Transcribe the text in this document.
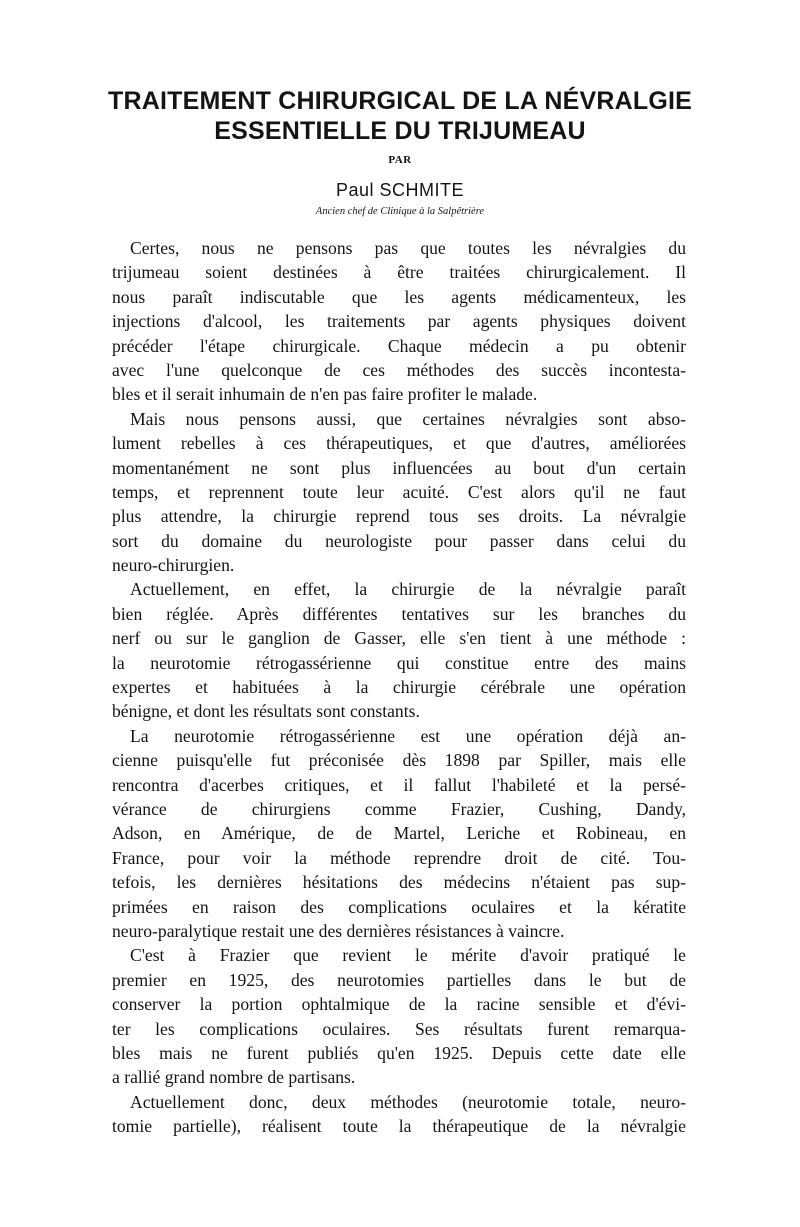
TRAITEMENT CHIRURGICAL DE LA NÉVRALGIE
ESSENTIELLE DU TRIJUMEAU
PAR
Paul SCHMITE
Ancien chef de Clinique à la Salpêtrière
Certes, nous ne pensons pas que toutes les névralgies du
trijumeau soient destinées à être traitées chirurgicalement. Il
nous paraît indiscutable que les agents médicamenteux, les
injections d'alcool, les traitements par agents physiques doivent
précéder l'étape chirurgicale. Chaque médecin a pu obtenir
avec l'une quelconque de ces méthodes des succès incontesta-
bles et il serait inhumain de n'en pas faire profiter le malade.
Mais nous pensons aussi, que certaines névralgies sont abso-
lument rebelles à ces thérapeutiques, et que d'autres, améliorées
momentanément ne sont plus influencées au bout d'un certain
temps, et reprennent toute leur acuité. C'est alors qu'il ne faut
plus attendre, la chirurgie reprend tous ses droits. La névralgie
sort du domaine du neurologiste pour passer dans celui du
neuro-chirurgien.
Actuellement, en effet, la chirurgie de la névralgie paraît
bien réglée. Après différentes tentatives sur les branches du
nerf ou sur le ganglion de Gasser, elle s'en tient à une méthode :
la neurotomie rétrogassérienne qui constitue entre des mains
expertes et habituées à la chirurgie cérébrale une opération
bénigne, et dont les résultats sont constants.
La neurotomie rétrogassérienne est une opération déjà an-
cienne puisqu'elle fut préconisée dès 1898 par Spiller, mais elle
rencontra d'acerbes critiques, et il fallut l'habileté et la persé-
vérance de chirurgiens comme Frazier, Cushing, Dandy,
Adson, en Amérique, de de Martel, Leriche et Robineau, en
France, pour voir la méthode reprendre droit de cité. Tou-
tefois, les dernières hésitations des médecins n'étaient pas sup-
primées en raison des complications oculaires et la kératite
neuro-paralytique restait une des dernières résistances à vaincre.
C'est à Frazier que revient le mérite d'avoir pratiqué le
premier en 1925, des neurotomies partielles dans le but de
conserver la portion ophtalmique de la racine sensible et d'évi-
ter les complications oculaires. Ses résultats furent remarqua-
bles mais ne furent publiés qu'en 1925. Depuis cette date elle
a rallié grand nombre de partisans.
Actuellement donc, deux méthodes (neurotomie totale, neuro-
tomie partielle), réalisent toute la thérapeutique de la névralgie
